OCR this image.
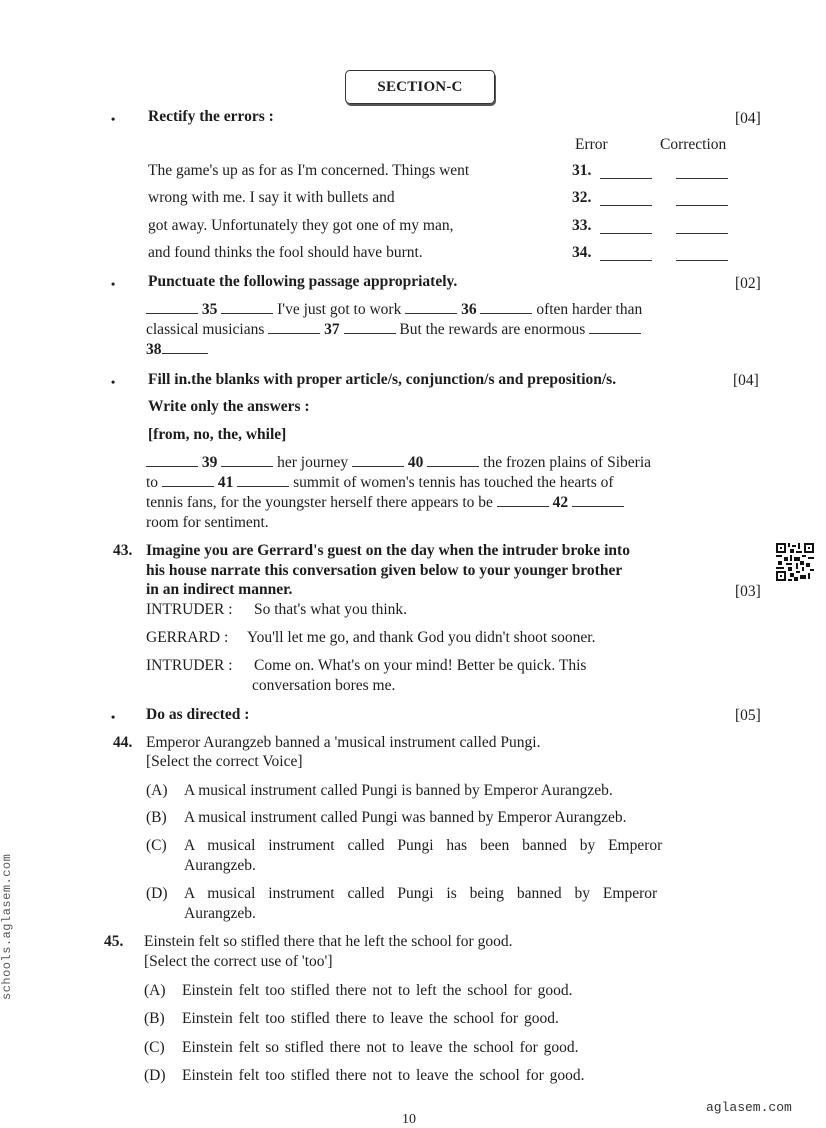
SECTION-C
• Rectify the errors :	[04]
Error	Correction
The game's up as for as I'm concerned. Things went	31.
wrong with me. I say it with bullets and	32.
got away. Unfortunately they got one of my man,	33.
and found thinks the fool should have burnt.	34.
• Punctuate the following passage appropriately.	[02]
35	I've just got to work	36	often harder than
classical musicians	37	But the rewards are enormous
38
• Fill in.the blanks with proper article/s, conjunction/s and preposition/s.	[04]
Write only the answers :
[from, no, the, while]
39	her journey	40	the frozen plains of Siberia
to	41	summit of women's tennis has touched the hearts of
tennis fans, for the youngster herself there appears to be	42
room for sentiment.
43. Imagine you are Gerrard's guest on the day when the intruder broke into
his house narrate this conversation given below to your younger brother
in an indirect manner.	[03]
INTRUDER : So that's what you think.
GERRARD : You'll let me go, and thank God you didn't shoot sooner.
INTRUDER : Come on. What's on your mind! Better be quick. This
conversation bores me.
• Do as directed :	[05]
44. Emperor Aurangzeb banned a 'musical instrument called Pungi.
[Select the correct Voice]
(A) A musical instrument called Pungi is banned by Emperor Aurangzeb.
(B) A musical instrument called Pungi was banned by Emperor Aurangzeb.
(C) A musical instrument called Pungi has been banned by Emperor
Aurangzeb.
(D) A musical instrument called Pungi is being banned by Emperor
Aurangzeb.
45. Einstein felt so stifled there that he left the school for good.
[Select the correct use of 'too']
(A) Einstein felt too stifled there not to left the school for good.
(B) Einstein felt too stifled there to leave the school for good.
(C) Einstein felt so stifled there not to leave the school for good.
(D) Einstein felt too stifled there not to leave the school for good.
schools.aglasem.com
aglasem.com
10
